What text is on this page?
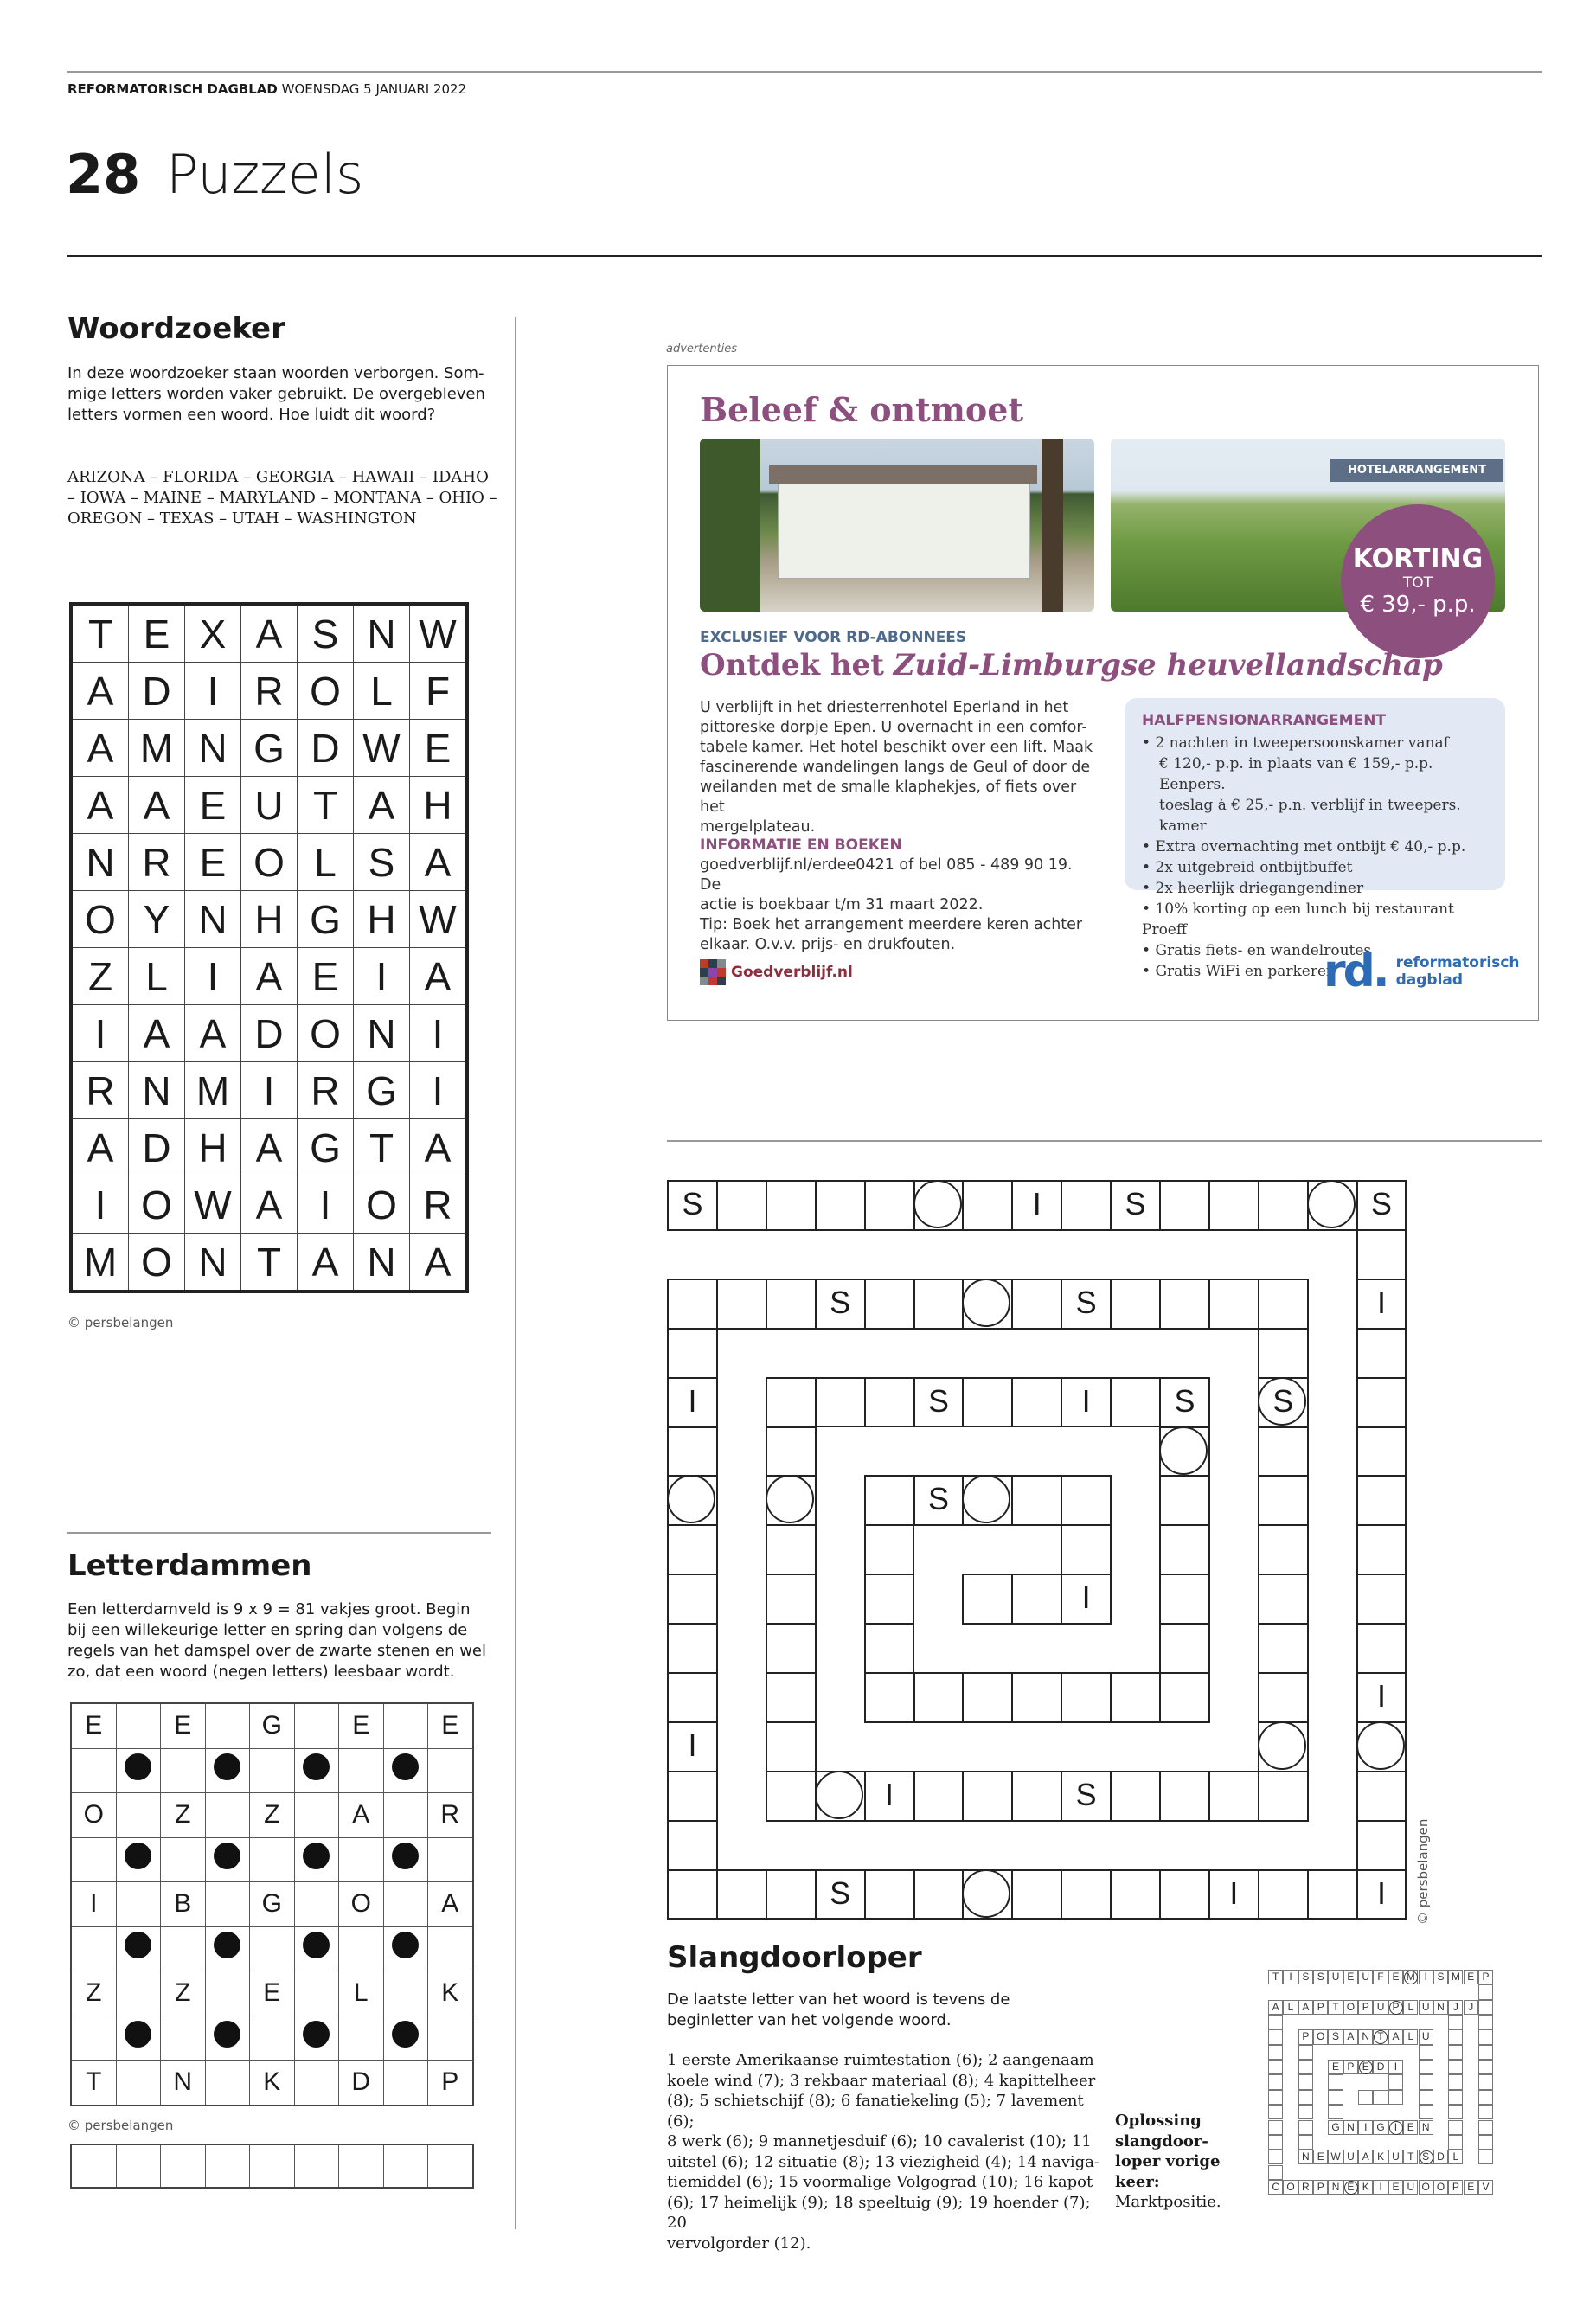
REFORMATORISCH DAGBLAD WOENSDAG 5 JANUARI 2022
28 Puzzels
Woordzoeker
In deze woordzoeker staan woorden verborgen. Som-
mige letters worden vaker gebruikt. De overgebleven
letters vormen een woord. Hoe luidt dit woord?
ARIZONA – FLORIDA – GEORGIA – HAWAII – IDAHO
– IOWA – MAINE – MARYLAND – MONTANA – OHIO –
OREGON – TEXAS – UTAH – WASHINGTON
T	E	X	A	S	N	W
A	D	I	R	O	L	F
A	M	N	G	D	W	E
A	A	E	U	T	A	H
N	R	E	O	L	S	A
O	Y	N	H	G	H	W
Z	L	I	A	E	I	A
I	A	A	D	O	N	I
R	N	M	I	R	G	I
A	D	H	A	G	T	A
I	O	W	A	I	O	R
M	O	N	T	A	N	A
© persbelangen
Letterdammen
Een letterdamveld is 9 x 9 = 81 vakjes groot. Begin
bij een willekeurige letter en spring dan volgens de
regels van het damspel over de zwarte stenen en wel
zo, dat een woord (negen letters) leesbaar wordt.
E		E		G		E		E

O		Z		Z		A		R

I		B		G		O		A

Z		Z		E		L		K

T		N		K		D		P
© persbelangen

advertenties
Beleef & ontmoet
HOTELARRANGEMENT
KORTING
TOT
€ 39,- p.p.
EXCLUSIEF VOOR RD-ABONNEES
Ontdek het Zuid-Limburgse heuvellandschap
U verblijft in het driesterrenhotel Eperland in het
pittoreske dorpje Epen. U overnacht in een comfor-
tabele kamer. Het hotel beschikt over een lift. Maak
fascinerende wandelingen langs de Geul of door de
weilanden met de smalle klaphekjes, of fiets over het
mergelplateau.
INFORMATIE EN BOEKEN
goedverblijf.nl/erdee0421 of bel 085 - 489 90 19. De
actie is boekbaar t/m 31 maart 2022.
Tip: Boek het arrangement meerdere keren achter
elkaar. O.v.v. prijs- en drukfouten.
HALFPENSIONARRANGEMENT
• 2 nachten in tweepersoonskamer vanaf
€ 120,- p.p. in plaats van € 159,- p.p. Eenpers.
toeslag à € 25,- p.n. verblijf in tweepers. kamer
• Extra overnachting met ontbijt € 40,- p.p.
• 2x uitgebreid ontbijtbuffet
• 2x heerlijk driegangendiner
• 10% korting op een lunch bij restaurant Proeff
• Gratis fiets- en wandelroutes
• Gratis WiFi en parkeren
Goedverblijf.nl	rd. reformatorisch
dagblad
S	I	S	S
I
I
I
S	I
I
I
S	S
S
I	S
S	I	S
S
I
© persbelangen
Slangdoorloper
De laatste letter van het woord is tevens de
beginletter van het volgende woord.
1 eerste Amerikaanse ruimtestation (6); 2 aangenaam
koele wind (7); 3 rekbaar materiaal (8); 4 kapittelheer
(8); 5 schietschijf (8); 6 fanatiekeling (5); 7 lavement (6);
8 werk (6); 9 mannetjesduif (6); 10 cavalerist (10); 11
uitstel (6); 12 situatie (8); 13 viezigheid (4); 14 naviga-
tiemiddel (6); 15 voormalige Volgograd (10); 16 kapot
(6); 17 heimelijk (9); 18 speeltuig (9); 19 hoender (7); 20
vervolgorder (12).
Oplossing
slangdoor-
loper vorige
keer:
Marktpositie.
T	I S S U E U F E M I S M E P
C O R P N E K I E U O O P E V
A L A P T O P U P L U N J
L
N E W U A K U T S D
P O S A N T A L U
N
G N I G I E
E P E D I
J
